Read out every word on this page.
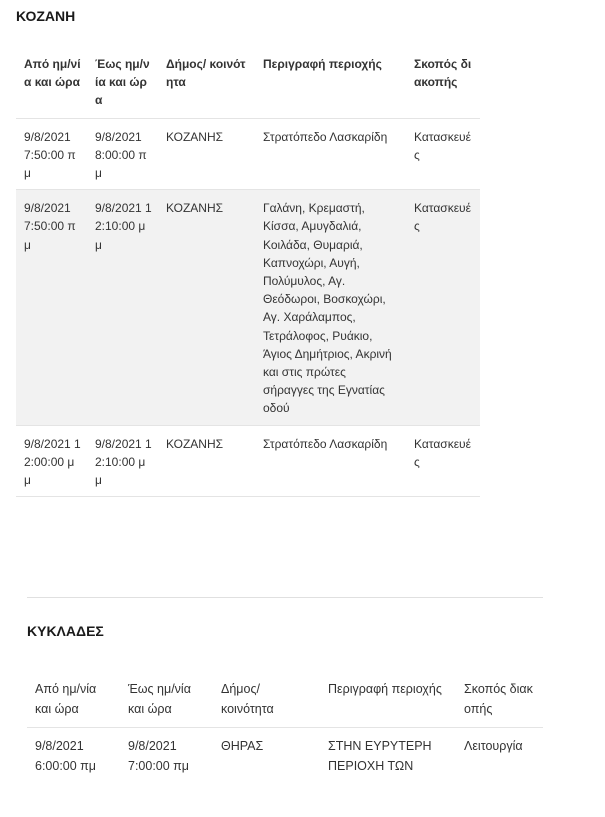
ΚΟΖΑΝΗ
Από ημ/νία και ώρα	Έως ημ/νία και ώρα	Δήμος/ κοινότητα	Περιγραφή περιοχής	Σκοπός διακοπής
9/8/2021 7:50:00 πμ	9/8/2021 8:00:00 πμ	ΚΟΖΑΝΗΣ	Στρατόπεδο Λασκαρίδη	Κατασκευές
9/8/2021 7:50:00 πμ	9/8/2021 12:10:00 μμ	ΚΟΖΑΝΗΣ	Γαλάνη, Κρεμαστή, Κίσσα, Αμυγδαλιά, Κοιλάδα, Θυμαριά, Καπνοχώρι, Αυγή, Πολύμυλος, Αγ. Θεόδωροι, Βοσκοχώρι, Αγ. Χαράλαμπος, Τετράλοφος, Ρυάκιο, Άγιος Δημήτριος, Ακρινή και στις πρώτες σήραγγες της Εγνατίας οδού	Κατασκευές
9/8/2021 12:00:00 μμ	9/8/2021 12:10:00 μμ	ΚΟΖΑΝΗΣ	Στρατόπεδο Λασκαρίδη	Κατασκευές
ΚΥΚΛΑΔΕΣ
Από ημ/νία και ώρα	Έως ημ/νία και ώρα	Δήμος/ κοινότητα	Περιγραφή περιοχής	Σκοπός διακοπής
9/8/2021 6:00:00 πμ	9/8/2021 7:00:00 πμ	ΘΗΡΑΣ	ΣΤΗΝ ΕΥΡΥΤΕΡΗ ΠΕΡΙΟΧΗ ΤΩΝ	Λειτουργία
